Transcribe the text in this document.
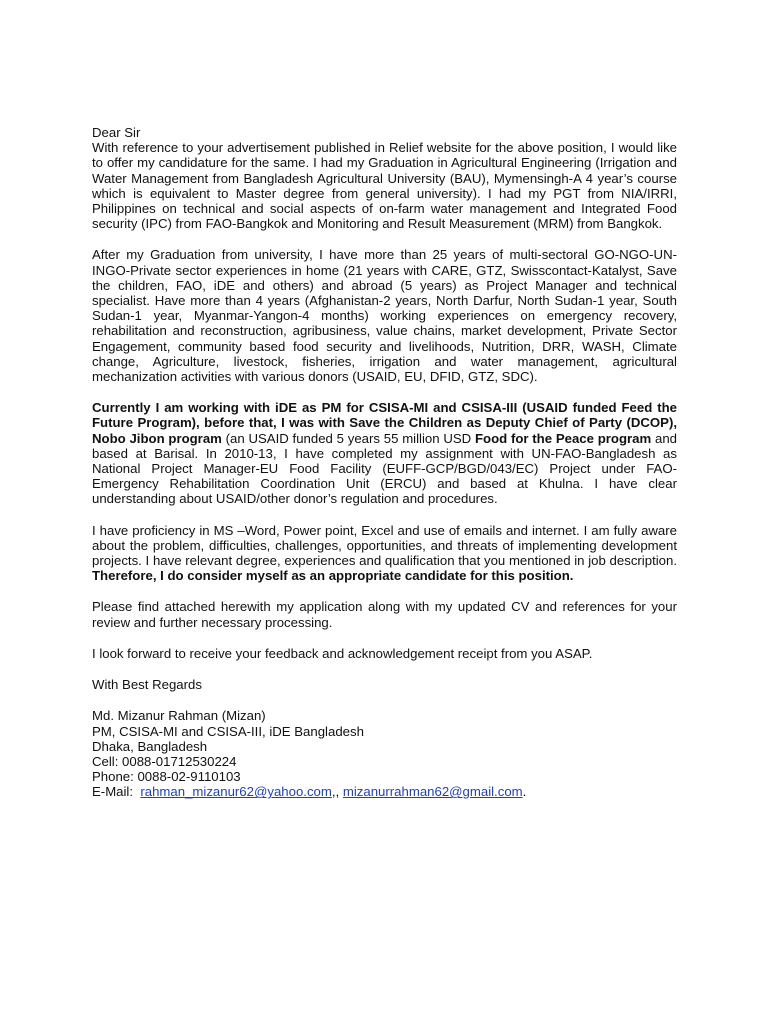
Dear Sir

With reference to your advertisement published in Relief website for the above position, I would like to offer my candidature for the same. I had my Graduation in Agricultural Engineering (Irrigation and Water Management from Bangladesh Agricultural University (BAU), Mymensingh-A 4 year’s course which is equivalent to Master degree from general university). I had my PGT from NIA/IRRI, Philippines on technical and social aspects of on-farm water management and Integrated Food security (IPC) from FAO-Bangkok and Monitoring and Result Measurement (MRM) from Bangkok.

After my Graduation from university, I have more than 25 years of multi-sectoral GO-NGO-UN-INGO-Private sector experiences in home (21 years with CARE, GTZ, Swisscontact-Katalyst, Save the children, FAO, iDE and others) and abroad (5 years) as Project Manager and technical specialist. Have more than 4 years (Afghanistan-2 years, North Darfur, North Sudan-1 year, South Sudan-1 year, Myanmar-Yangon-4 months) working experiences on emergency recovery, rehabilitation and reconstruction, agribusiness, value chains, market development, Private Sector Engagement, community based food security and livelihoods, Nutrition, DRR, WASH, Climate change, Agriculture, livestock, fisheries, irrigation and water management, agricultural mechanization activities with various donors (USAID, EU, DFID, GTZ, SDC).

Currently I am working with iDE as PM for CSISA-MI and CSISA-III (USAID funded Feed the Future Program), before that, I was with Save the Children as Deputy Chief of Party (DCOP), Nobo Jibon program (an USAID funded 5 years 55 million USD Food for the Peace program and based at Barisal. In 2010-13, I have completed my assignment with UN-FAO-Bangladesh as National Project Manager-EU Food Facility (EUFF-GCP/BGD/043/EC) Project under FAO-Emergency Rehabilitation Coordination Unit (ERCU) and based at Khulna. I have clear understanding about USAID/other donor’s regulation and procedures.

I have proficiency in MS –Word, Power point, Excel and use of emails and internet. I am fully aware about the problem, difficulties, challenges, opportunities, and threats of implementing development projects. I have relevant degree, experiences and qualification that you mentioned in job description. Therefore, I do consider myself as an appropriate candidate for this position.

Please find attached herewith my application along with my updated CV and references for your review and further necessary processing.

I look forward to receive your feedback and acknowledgement receipt from you ASAP.

With Best Regards

Md. Mizanur Rahman (Mizan)
PM, CSISA-MI and CSISA-III, iDE Bangladesh
Dhaka, Bangladesh
Cell: 0088-01712530224
Phone: 0088-02-9110103
E-Mail:  rahman_mizanur62@yahoo.com,, mizanurrahman62@gmail.com.
